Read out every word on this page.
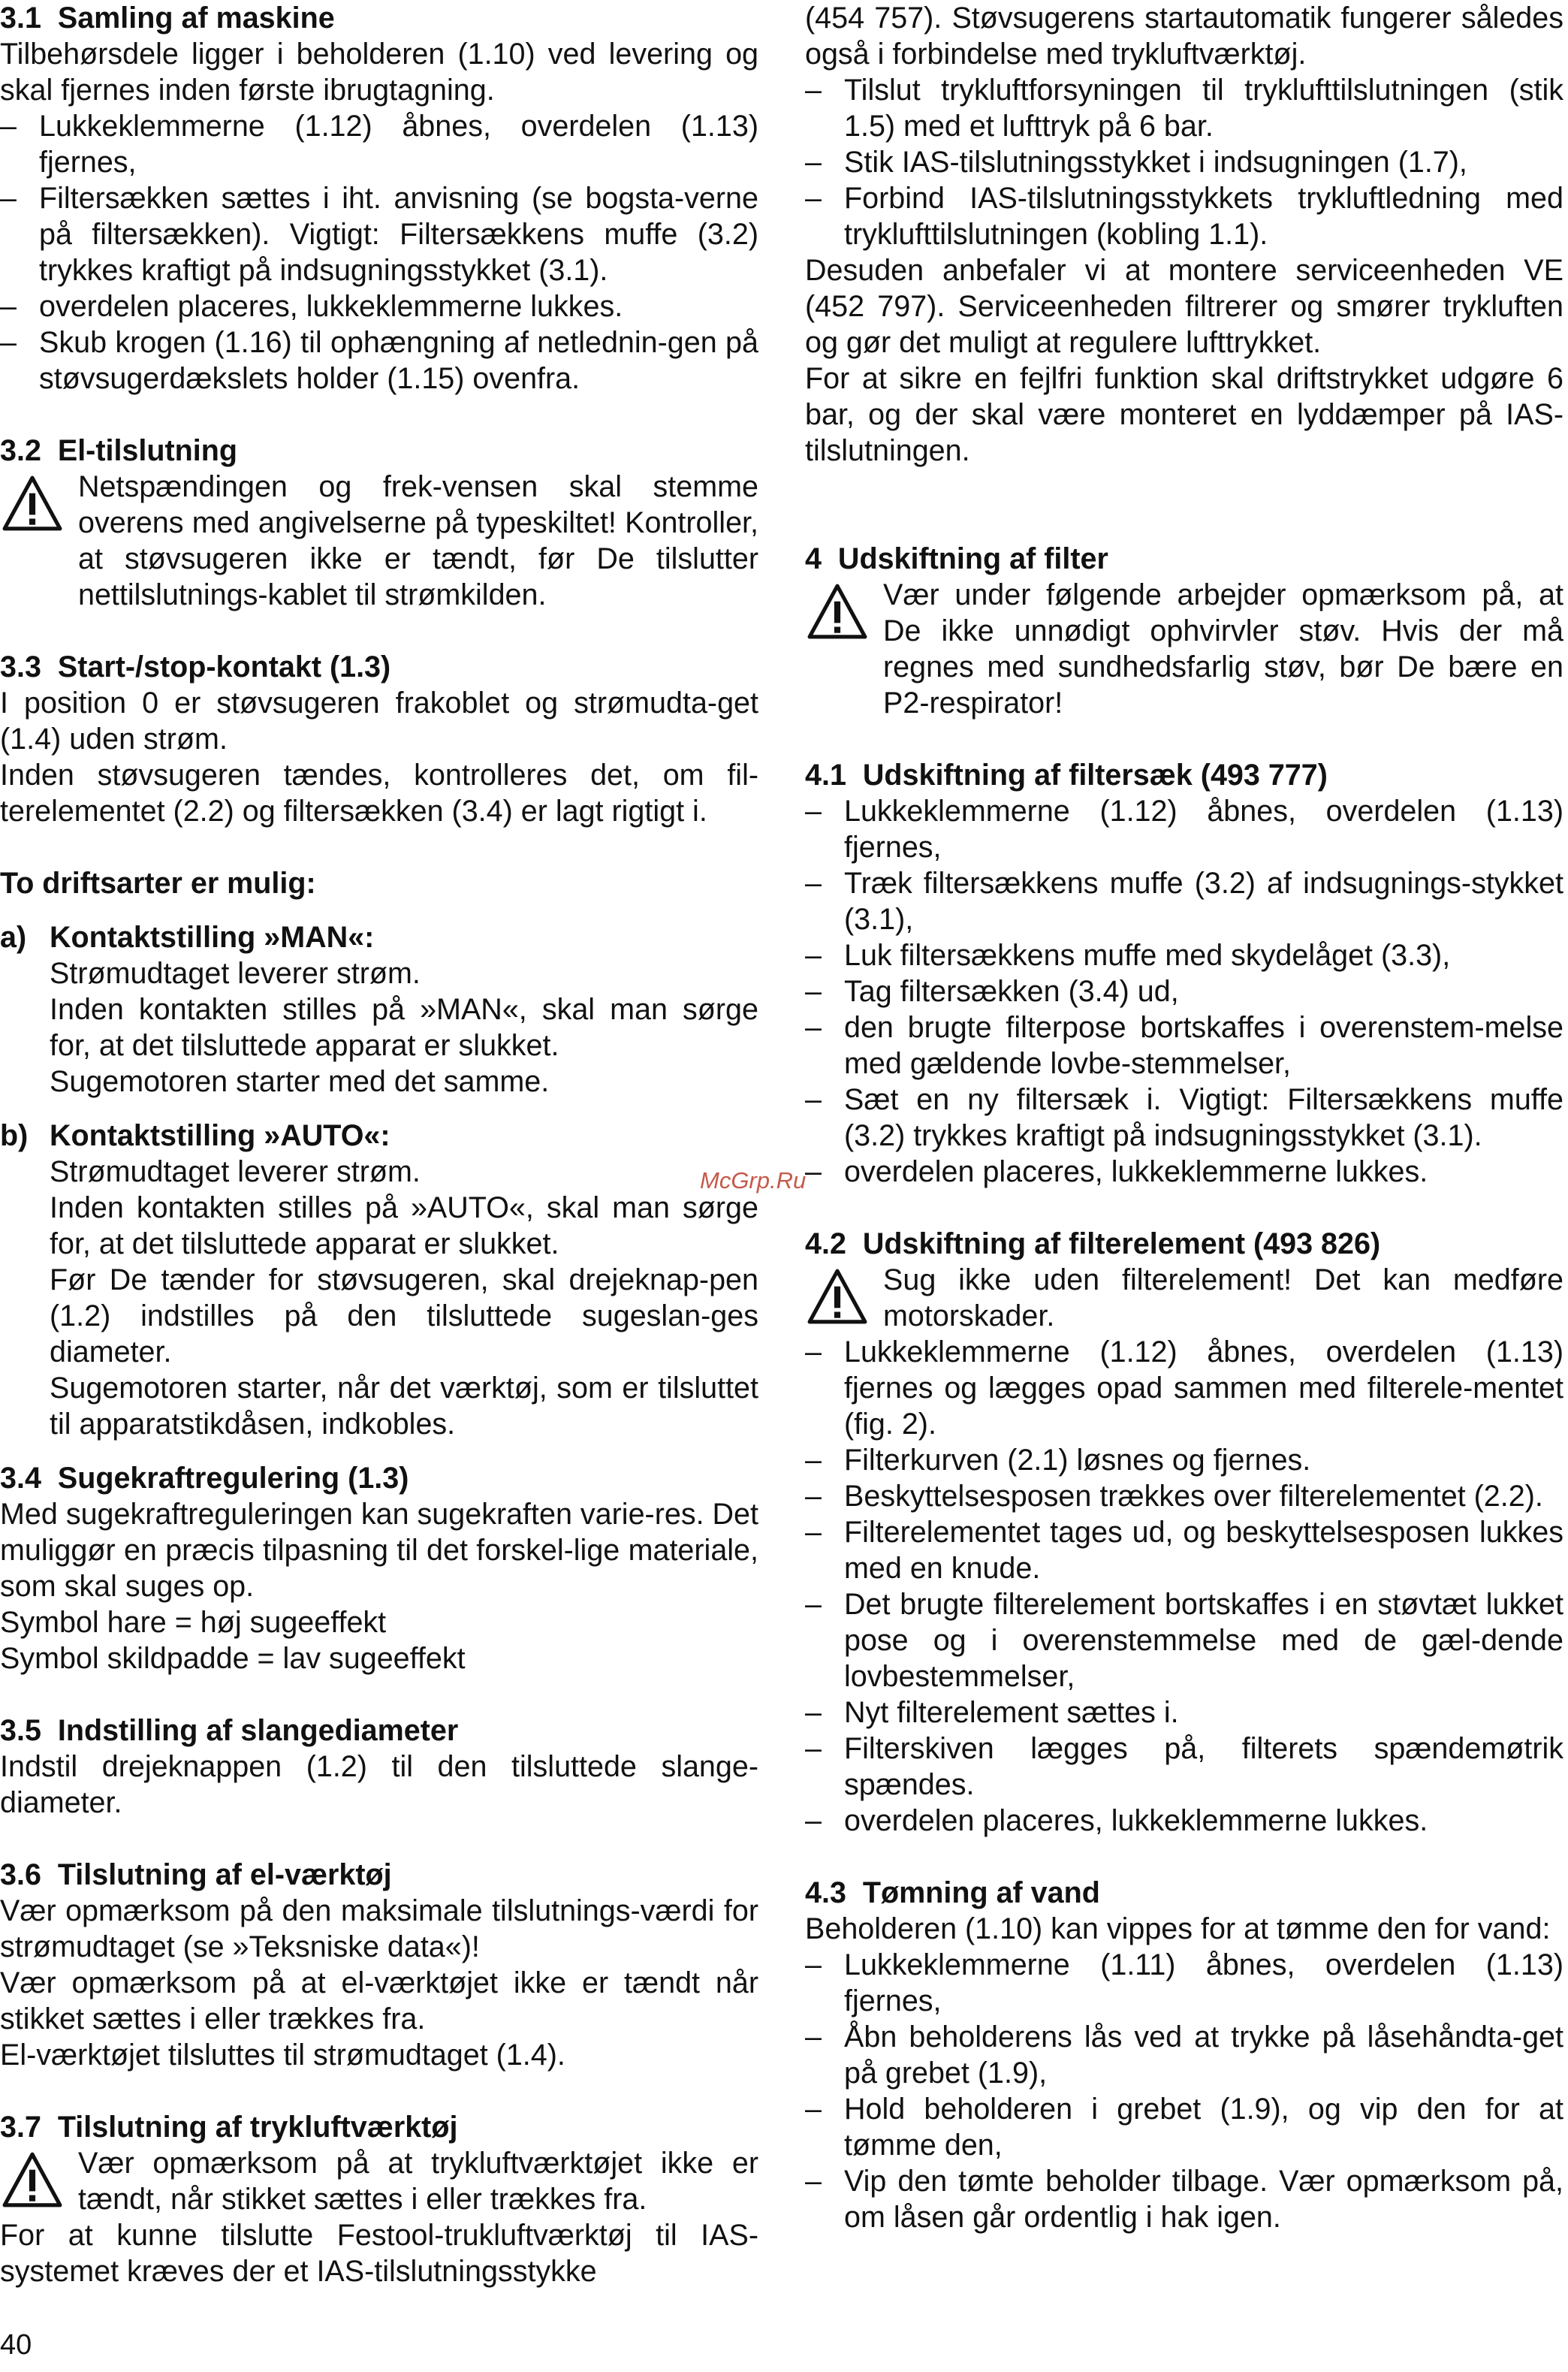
3.1  Samling af maskine

Tilbehørsdele ligger i beholderen (1.10) ved levering og skal fjernes inden første ibrugtagning.

– Lukkeklemmerne (1.12) åbnes, overdelen (1.13) fjernes,
– Filtersækken sættes i iht. anvisning (se bogsta-verne på filtersækken). Vigtigt: Filtersækkens muffe (3.2) trykkes kraftigt på indsugningsstykket (3.1).
– overdelen placeres, lukkeklemmerne lukkes.
– Skub krogen (1.16) til ophængning af netlednin-gen på støvsugerdækslets holder (1.15) ovenfra.
3.2  El-tilslutning
Netspændingen og frek-vensen skal stemme overens med angivelserne på typeskiltet! Kontroller, at støvsugeren ikke er tændt, før De tilslutter nettilslutnings-kablet til strømkilden.
3.3  Start-/stop-kontakt (1.3)

I position 0 er støvsugeren frakoblet og strømudta-get (1.4) uden strøm.

Inden støvsugeren tændes, kontrolleres det, om fil-terelementet (2.2) og filtersækken (3.4) er lagt rigtigt i.

To driftsarter er mulig:
a) Kontaktstilling »MAN«:

Strømudtaget leverer strøm.

Inden kontakten stilles på »MAN«, skal man sørge for, at det tilsluttede apparat er slukket.

Sugemotoren starter med det samme.

b) Kontaktstilling »AUTO«:

Strømudtaget leverer strøm.

Inden kontakten stilles på »AUTO«, skal man sørge for, at det tilsluttede apparat er slukket.

Før De tænder for støvsugeren, skal drejeknap-pen (1.2) indstilles på den tilsluttede sugeslan-ges diameter.

Sugemotoren starter, når det værktøj, som er tilsluttet til apparatstikdåsen, indkobles.

3.4  Sugekraftregulering (1.3)

Med sugekraftreguleringen kan sugekraften varie-res. Det muliggør en præcis tilpasning til det forskel-lige materiale, som skal suges op.

Symbol hare = høj sugeeffekt

Symbol skildpadde = lav sugeeffekt

3.5  Indstilling af slangediameter

Indstil drejeknappen (1.2) til den tilsluttede slange-diameter.

3.6  Tilslutning af el-værktøj

Vær opmærksom på den maksimale tilslutnings-værdi for strømudtaget (se »Teksniske data«)!

Vær opmærksom på at el-værktøjet ikke er tændt når stikket sættes i eller trækkes fra.

El-værktøjet tilsluttes til strømudtaget (1.4).

3.7  Tilslutning af trykluftværktøj
Vær opmærksom på at trykluftværktøjet ikke er tændt, når stikket sættes i eller trækkes fra.

For at kunne tilslutte Festool-trukluftværktøj til IAS-systemet kræves der et IAS-tilslutningsstykke

(454 757). Støvsugerens startautomatik fungerer således også i forbindelse med trykluftværktøj.

– Tilslut trykluftforsyningen til tryklufttilslutningen (stik 1.5) med et lufttryk på 6 bar.
– Stik IAS-tilslutningsstykket i indsugningen (1.7),
– Forbind IAS-tilslutningsstykkets trykluftledning med tryklufttilslutningen (kobling 1.1).

Desuden anbefaler vi at montere serviceenheden VE (452 797). Serviceenheden filtrerer og smører trykluften og gør det muligt at regulere lufttrykket.

For at sikre en fejlfri funktion skal driftstrykket udgøre 6 bar, og der skal være monteret en lyddæmper på IAS-tilslutningen.

4  Udskiftning af filter
Vær under følgende arbejder opmærksom på, at De ikke unnødigt ophvirvler støv. Hvis der må regnes med sundhedsfarlig støv, bør De bære en P2-respirator!
4.1  Udskiftning af filtersæk (493 777)
– Lukkeklemmerne (1.12) åbnes, overdelen (1.13) fjernes,
– Træk filtersækkens muffe (3.2) af indsugnings-stykket (3.1),
– Luk filtersækkens muffe med skydelåget (3.3),
– Tag filtersækken (3.4) ud,
– den brugte filterpose bortskaffes i overenstem-melse med gældende lovbe-stemmelser,
– Sæt en ny filtersæk i. Vigtigt: Filtersækkens muffe (3.2) trykkes kraftigt på indsugningsstykket (3.1).
– overdelen placeres, lukkeklemmerne lukkes.
4.2  Udskiftning af filterelement (493 826)
Sug ikke uden filterelement! Det kan medføre motorskader.
– Lukkeklemmerne (1.12) åbnes, overdelen (1.13) fjernes og lægges opad sammen med filterele-mentet (fig. 2).
– Filterkurven (2.1) løsnes og fjernes.
– Beskyttelsesposen trækkes over filterelementet (2.2).
– Filterelementet tages ud, og beskyttelsesposen lukkes med en knude.
– Det brugte filterelement bortskaffes i en støvtæt lukket pose og i overenstemmelse med de gæl-dende lovbestemmelser,
– Nyt filterelement sættes i.
– Filterskiven lægges på, filterets spændemøtrik spændes.
– overdelen placeres, lukkeklemmerne lukkes.
4.3  Tømning af vand

Beholderen (1.10) kan vippes for at tømme den for vand:

– Lukkeklemmerne (1.11) åbnes, overdelen (1.13) fjernes,
– Åbn beholderens lås ved at trykke på låsehåndta-get på grebet (1.9),
– Hold beholderen i grebet (1.9), og vip den for at tømme den,
– Vip den tømte beholder tilbage. Vær opmærksom på, om låsen går ordentlig i hak igen.
McGrp.Ru
40
